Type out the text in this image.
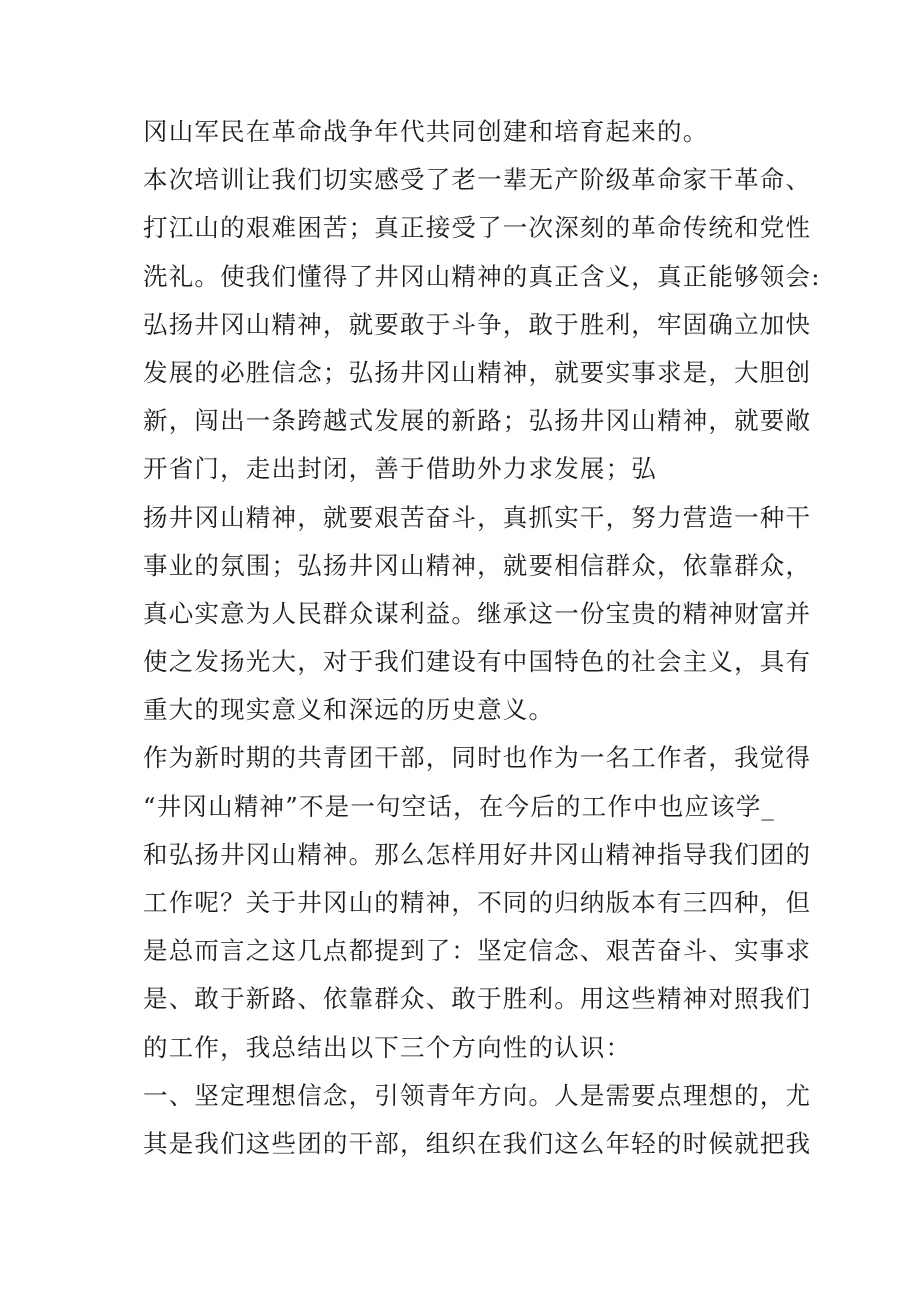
冈山军民在革命战争年代共同创建和培育起来的。
本次培训让我们切实感受了老一辈无产阶级革命家干革命、
打江山的艰难困苦；真正接受了一次深刻的革命传统和党性
洗礼。使我们懂得了井冈山精神的真正含义，真正能够领会:
弘扬井冈山精神，就要敢于斗争，敢于胜利，牢固确立加快
发展的必胜信念；弘扬井冈山精神，就要实事求是，大胆创
新，闯出一条跨越式发展的新路；弘扬井冈山精神，就要敞
开省门，走出封闭，善于借助外力求发展；弘
扬井冈山精神，就要艰苦奋斗，真抓实干，努力营造一种干
事业的氛围；弘扬井冈山精神，就要相信群众，依靠群众，
真心实意为人民群众谋利益。继承这一份宝贵的精神财富并
使之发扬光大，对于我们建设有中国特色的社会主义，具有
重大的现实意义和深远的历史意义。
作为新时期的共青团干部，同时也作为一名工作者，我觉得
“井冈山精神”不是一句空话，在今后的工作中也应该学_
和弘扬井冈山精神。那么怎样用好井冈山精神指导我们团的
工作呢？关于井冈山的精神，不同的归纳版本有三四种，但
是总而言之这几点都提到了：坚定信念、艰苦奋斗、实事求
是、敢于新路、依靠群众、敢于胜利。用这些精神对照我们
的工作，我总结出以下三个方向性的认识：
一、坚定理想信念，引领青年方向。人是需要点理想的，尤
其是我们这些团的干部，组织在我们这么年轻的时候就把我
